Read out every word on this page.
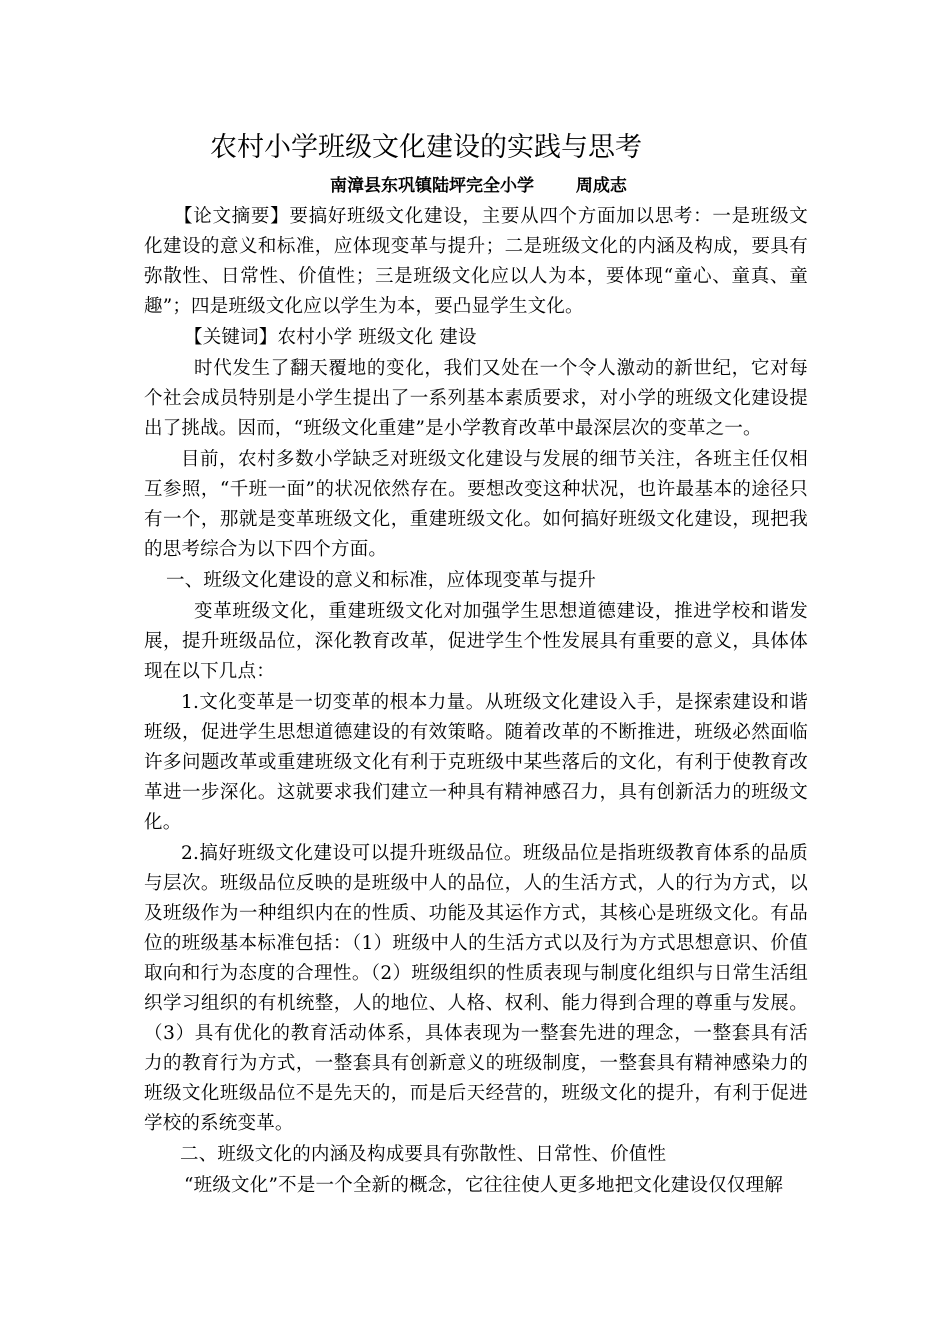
农村小学班级文化建设的实践与思考
南漳县东巩镇陆坪完全小学 周成志

【论文摘要】要搞好班级文化建设，主要从四个方面加以思考：一是班级文化建设的意义和标准，应体现变革与提升；二是班级文化的内涵及构成，要具有弥散性、日常性、价值性；三是班级文化应以人为本，要体现“童心、童真、童趣”；四是班级文化应以学生为本，要凸显学生文化。

【关键词】农村小学 班级文化 建设

时代发生了翻天覆地的变化，我们又处在一个令人激动的新世纪，它对每个社会成员特别是小学生提出了一系列基本素质要求，对小学的班级文化建设提出了挑战。因而，“班级文化重建”是小学教育改革中最深层次的变革之一。

目前，农村多数小学缺乏对班级文化建设与发展的细节关注，各班主任仅相互参照，“千班一面”的状况依然存在。要想改变这种状况，也许最基本的途径只有一个，那就是变革班级文化，重建班级文化。如何搞好班级文化建设，现把我的思考综合为以下四个方面。

一、班级文化建设的意义和标准，应体现变革与提升

变革班级文化，重建班级文化对加强学生思想道德建设，推进学校和谐发展，提升班级品位，深化教育改革，促进学生个性发展具有重要的意义，具体体现在以下几点：

1.文化变革是一切变革的根本力量。从班级文化建设入手，是探索建设和谐班级，促进学生思想道德建设的有效策略。随着改革的不断推进，班级必然面临许多问题改革或重建班级文化有利于克班级中某些落后的文化，有利于使教育改革进一步深化。这就要求我们建立一种具有精神感召力，具有创新活力的班级文化。

2.搞好班级文化建设可以提升班级品位。班级品位是指班级教育体系的品质与层次。班级品位反映的是班级中人的品位，人的生活方式，人的行为方式，以及班级作为一种组织内在的性质、功能及其运作方式，其核心是班级文化。有品位的班级基本标准包括：（1）班级中人的生活方式以及行为方式思想意识、价值取向和行为态度的合理性。（2）班级组织的性质表现与制度化组织与日常生活组织学习组织的有机统整，人的地位、人格、权利、能力得到合理的尊重与发展。（3）具有优化的教育活动体系，具体表现为一整套先进的理念，一整套具有活力的教育行为方式，一整套具有创新意义的班级制度，一整套具有精神感染力的班级文化班级品位不是先天的，而是后天经营的，班级文化的提升，有利于促进学校的系统变革。

二、班级文化的内涵及构成要具有弥散性、日常性、价值性

“班级文化”不是一个全新的概念，它往往使人更多地把文化建设仅仅理解
